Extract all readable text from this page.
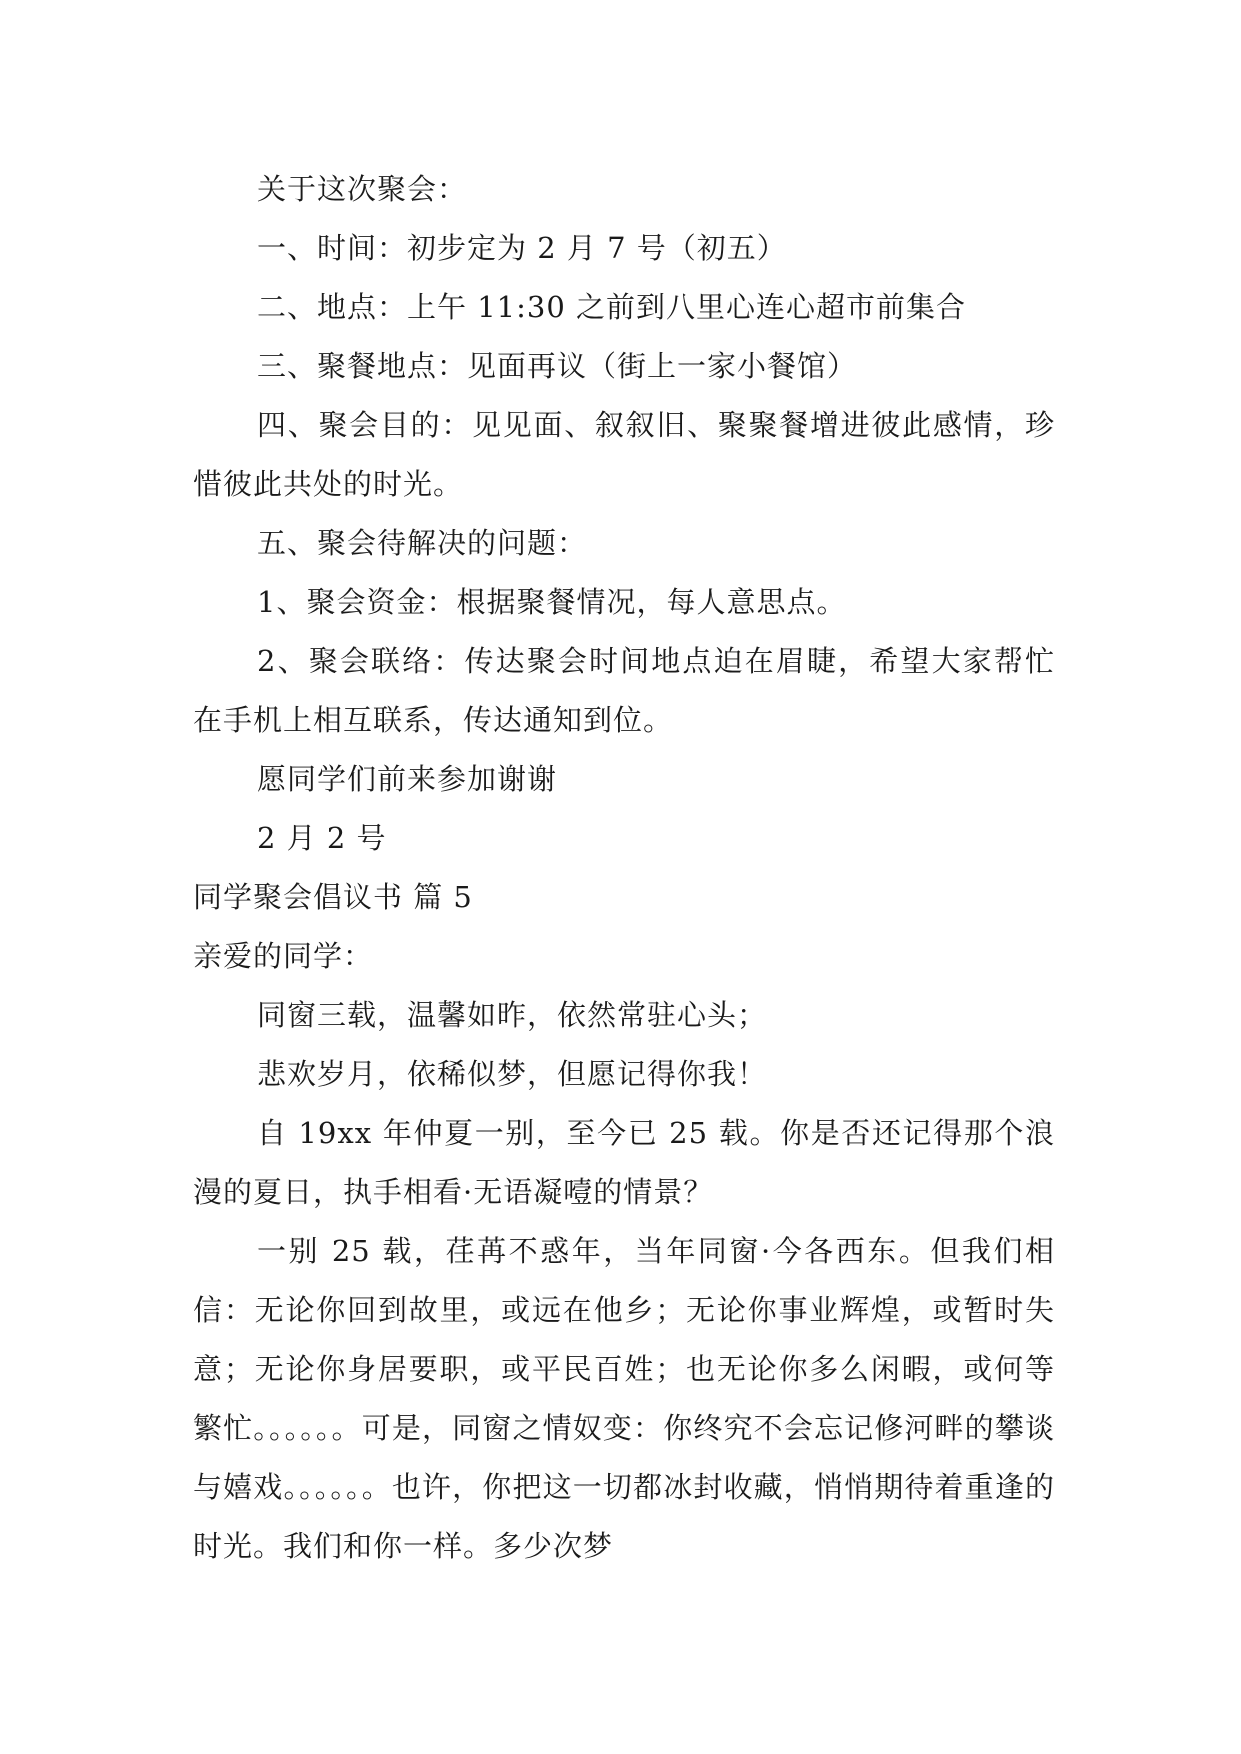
关于这次聚会：

一、时间：初步定为 2 月 7 号（初五）

二、地点：上午 11:30 之前到八里心连心超市前集合

三、聚餐地点：见面再议（街上一家小餐馆）

四、聚会目的：见见面、叙叙旧、聚聚餐增进彼此感情，珍惜彼此共处的时光。

五、聚会待解决的问题：

1、聚会资金：根据聚餐情况，每人意思点。

2、聚会联络：传达聚会时间地点迫在眉睫，希望大家帮忙在手机上相互联系，传达通知到位。

愿同学们前来参加谢谢

2 月 2 号

同学聚会倡议书 篇 5

亲爱的同学：

同窗三载，温馨如昨，依然常驻心头；

悲欢岁月，依稀似梦，但愿记得你我！

自 19xx 年仲夏一别，至今已 25 载。你是否还记得那个浪漫的夏日，执手相看·无语凝噎的情景？

一别 25 载，荏苒不惑年，当年同窗·今各西东。但我们相信：无论你回到故里，或远在他乡；无论你事业辉煌，或暂时失意；无论你身居要职，或平民百姓；也无论你多么闲暇，或何等繁忙。。。。。。可是，同窗之情奴变：你终究不会忘记修河畔的攀谈与嬉戏。。。。。。也许，你把这一切都冰封收藏，悄悄期待着重逢的时光。我们和你一样。多少次梦
